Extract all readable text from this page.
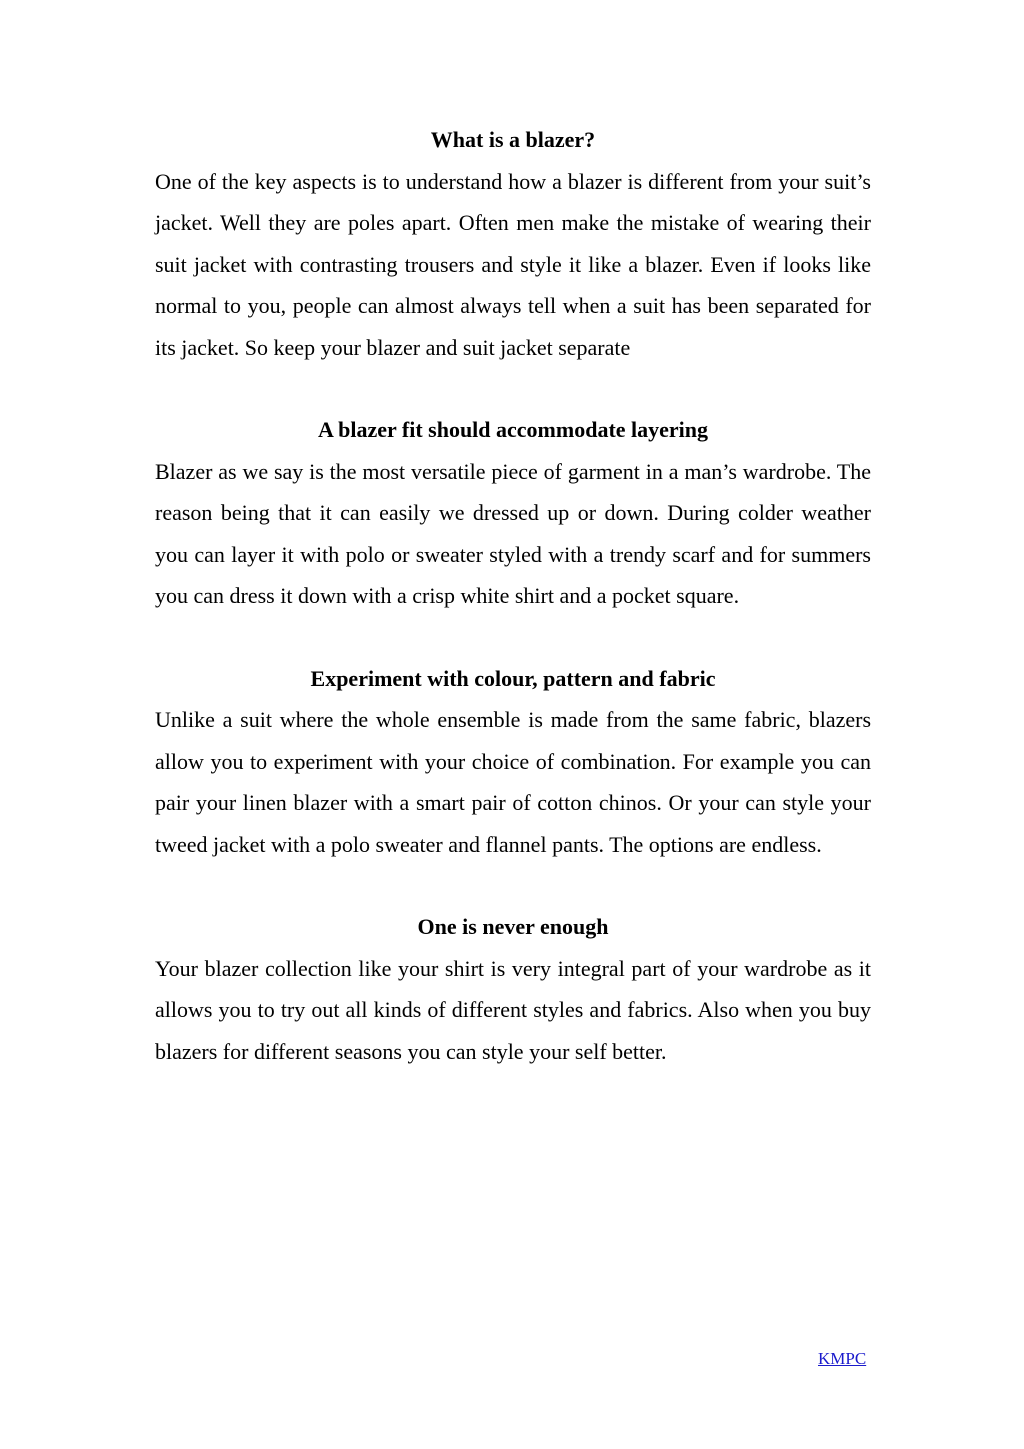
What is a blazer?

One of the key aspects is to understand how a blazer is different from your suit’s jacket. Well they are poles apart. Often men make the mistake of wearing their suit jacket with contrasting trousers and style it like a blazer. Even if looks like normal to you, people can almost always tell when a suit has been separated for its jacket. So keep your blazer and suit jacket separate

A blazer fit should accommodate layering

Blazer as we say is the most versatile piece of garment in a man’s wardrobe. The reason being that it can easily we dressed up or down. During colder weather you can layer it with polo or sweater styled with a trendy scarf and for summers you can dress it down with a crisp white shirt and a pocket square.

Experiment with colour, pattern and fabric

Unlike a suit where the whole ensemble is made from the same fabric, blazers allow you to experiment with your choice of combination. For example you can pair your linen blazer with a smart pair of cotton chinos. Or your can style your tweed jacket with a polo sweater and flannel pants. The options are endless.

One is never enough

Your blazer collection like your shirt is very integral part of your wardrobe as it allows you to try out all kinds of different styles and fabrics. Also when you buy blazers for different seasons you can style your self better.

KMPC
